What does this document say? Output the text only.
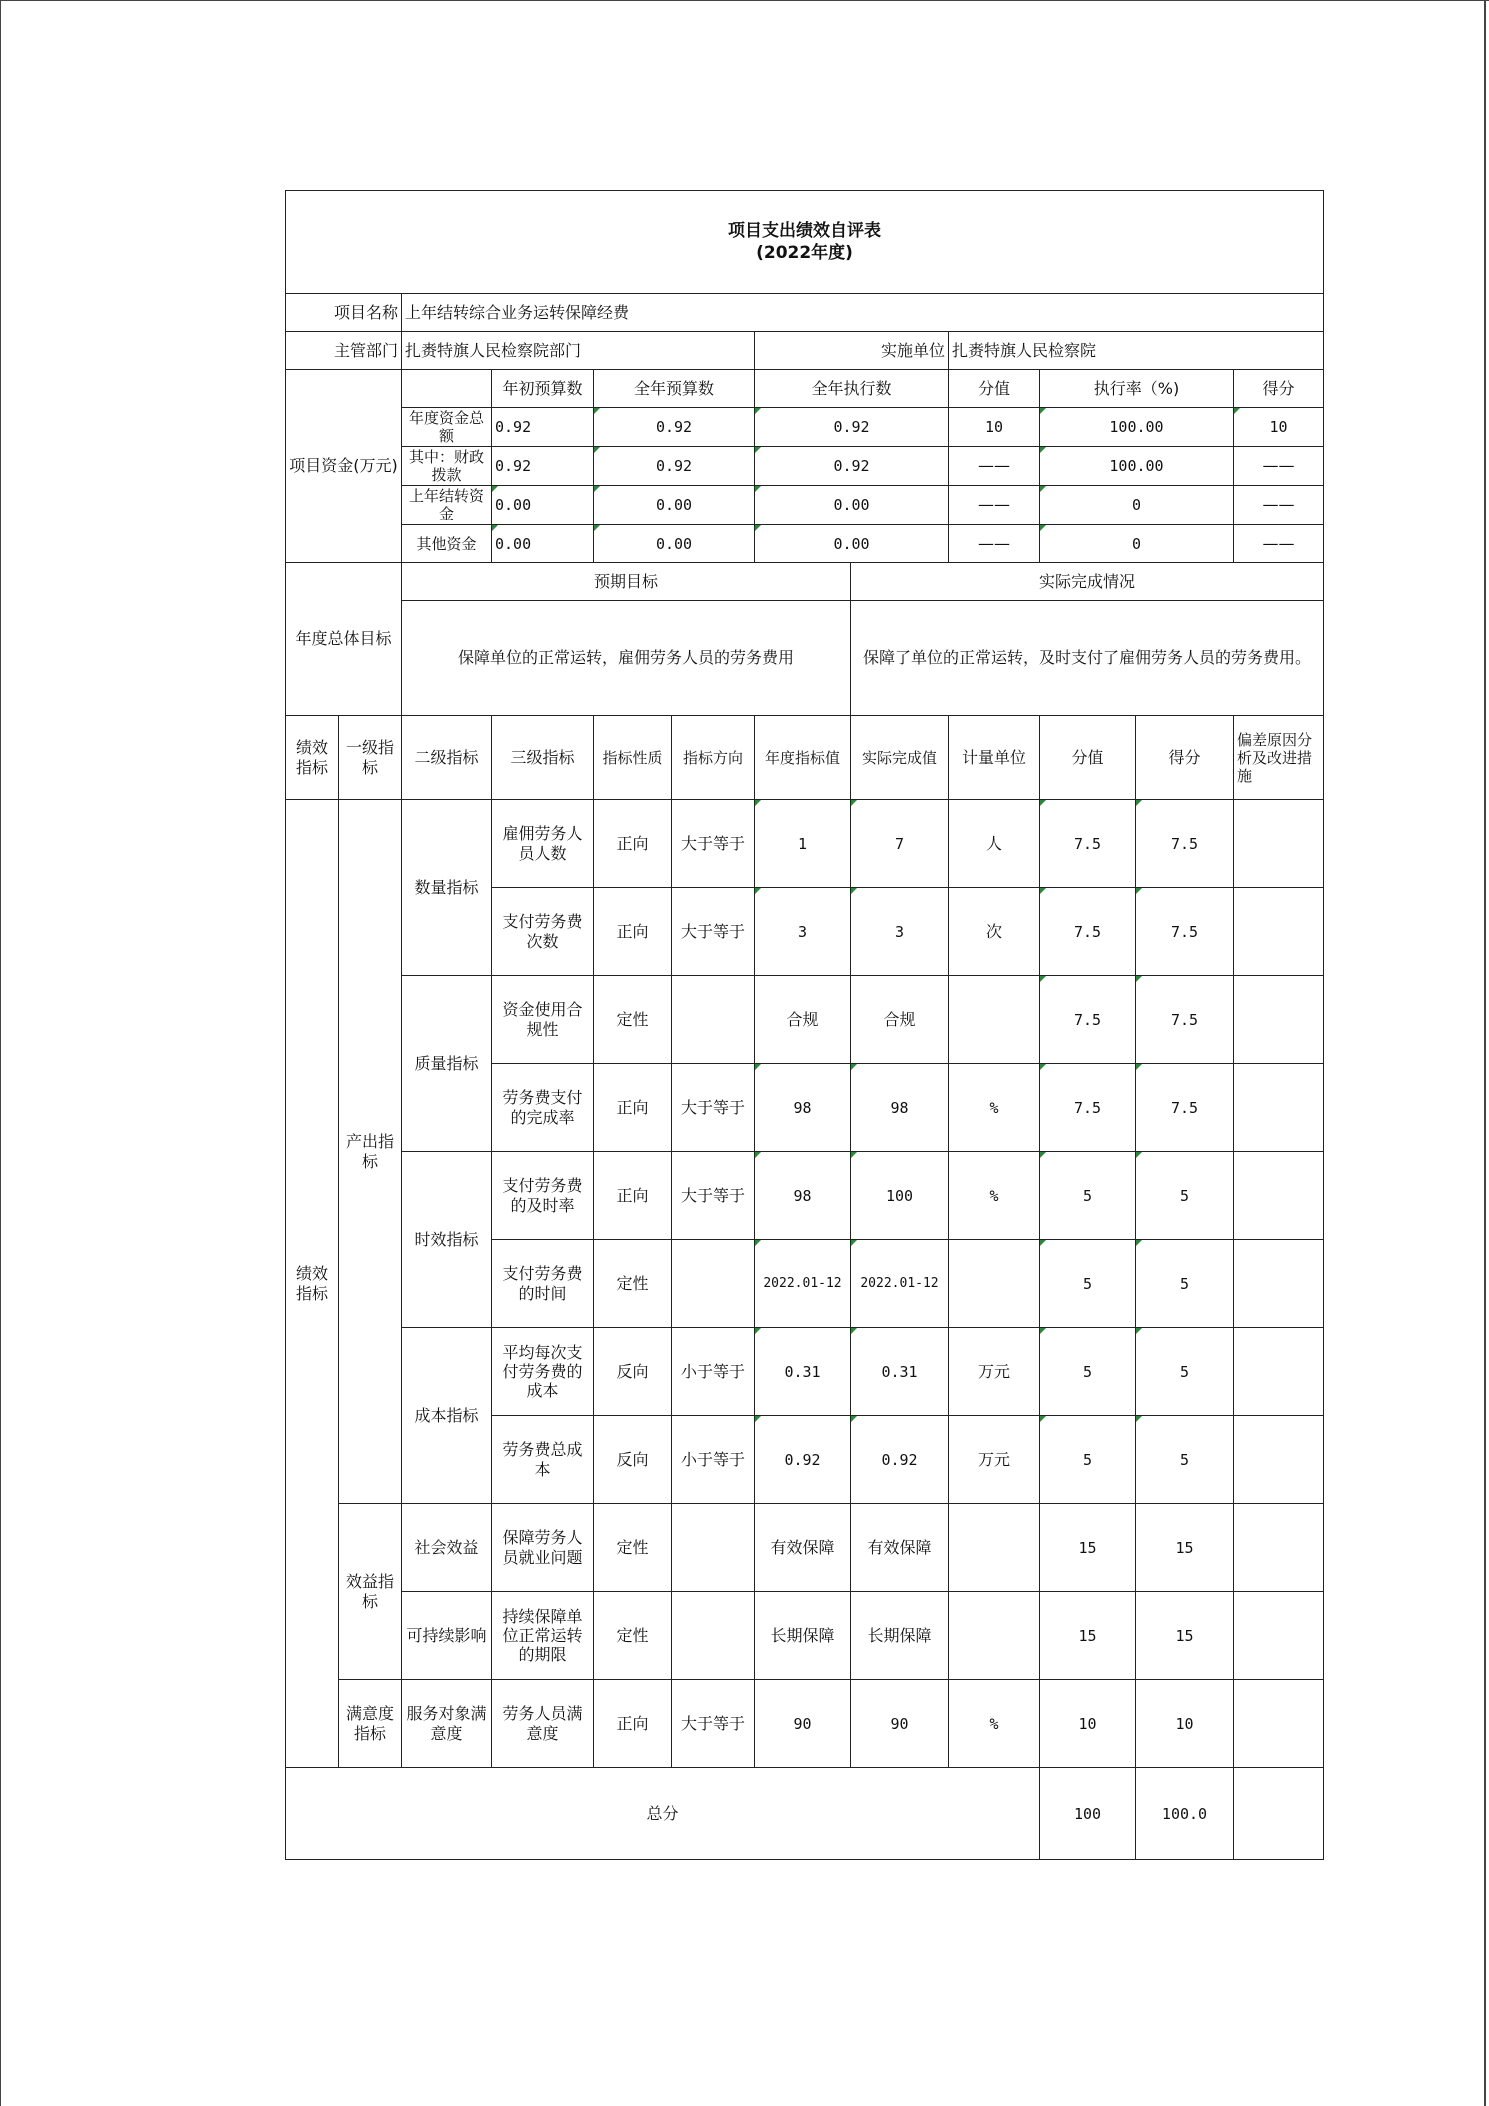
项目支出绩效自评表
(2022年度)											

项目名称		上年结转综合业务运转保障经费									
主管部门		扎赉特旗人民检察院部门				实施单位		扎赉特旗人民检察院			
项目资金(万元)			年初预算数	全年预算数		全年执行数		分值	执行率（%)		得分
		年度资金总额	0.92	0.92		0.92		10	100.00		10
		其中：财政拨款	0.92	0.92		0.92		——	100.00		——
		上年结转资金	0.00	0.00		0.00		——	0		——
		其他资金	0.00	0.00		0.00		——	0		——
年度总体目标		预期目标					实际完成情况				
		保障单位的正常运转，雇佣劳务人员的劳务费用					保障了单位的正常运转，及时支付了雇佣劳务人员的劳务费用。				
绩效指标	一级指标	二级指标	三级指标	指标性质	指标方向	年度指标值	实际完成值	计量单位	分值	得分	偏差原因分析及改进措施
绩效指标	产出指标	数量指标	雇佣劳务人员人数	正向	大于等于	1	7	人	7.5	7.5	
			支付劳务费次数	正向	大于等于	3	3	次	7.5	7.5	
		质量指标	资金使用合规性	定性		合规	合规		7.5	7.5	
			劳务费支付的完成率	正向	大于等于	98	98	%	7.5	7.5	
		时效指标	支付劳务费的及时率	正向	大于等于	98	100	%	5	5	
			支付劳务费的时间	定性		2022.01-12	2022.01-12		5	5	
		成本指标	平均每次支付劳务费的成本	反向	小于等于	0.31	0.31	万元	5	5	
			劳务费总成本	反向	小于等于	0.92	0.92	万元	5	5	
	效益指标	社会效益	保障劳务人员就业问题	定性		有效保障	有效保障		15	15	
		可持续影响	持续保障单位正常运转的期限	定性		长期保障	长期保障		15	15	
	满意度指标	服务对象满意度	劳务人员满意度	正向	大于等于	90	90	%	10	10	
总分									100	100.0	
